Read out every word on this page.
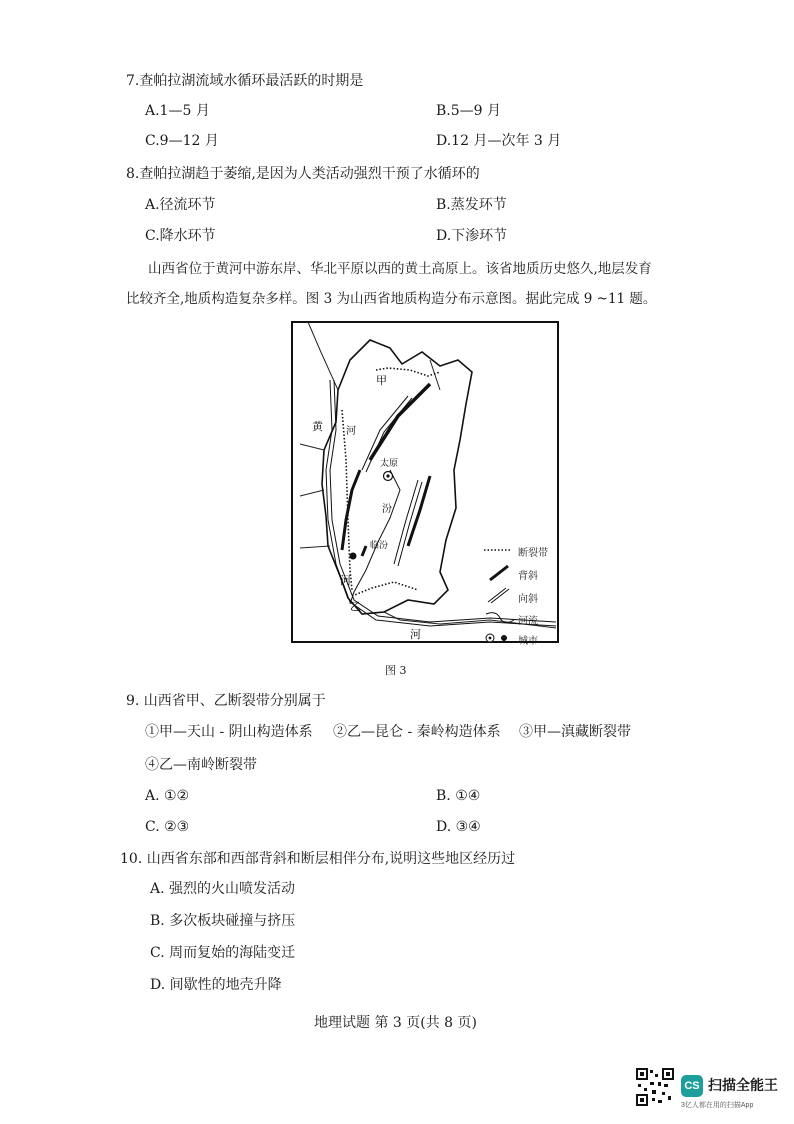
7.查帕拉湖流域水循环最活跃的时期是
A.1—5 月	B.5—9 月
C.9—12 月	D.12 月—次年 3 月
8.查帕拉湖趋于萎缩,是因为人类活动强烈干预了水循环的
A.径流环节	B.蒸发环节
C.降水环节	D.下渗环节
山西省位于黄河中游东岸、华北平原以西的黄土高原上。该省地质历史悠久,地层发育
比较齐全,地质构造复杂多样。图 3 为山西省地质构造分布示意图。据此完成 9 ~11 题。
甲
乙
太原
临汾
黄
河
河
汾
河
断裂带
背斜
向斜
河流
城市
图 3
9. 山西省甲、乙断裂带分别属于
①甲—天山 - 阴山构造体系 ②乙—昆仑 - 秦岭构造体系 ③甲—滇藏断裂带
④乙—南岭断裂带
A. ①②	B. ①④
C. ②③	D. ③④
10. 山西省东部和西部背斜和断层相伴分布,说明这些地区经历过
A. 强烈的火山喷发活动
B. 多次板块碰撞与挤压
C. 周而复始的海陆变迁
D. 间歇性的地壳升降
地理试题 第 3 页(共 8 页)
CS 扫描全能王
3亿人都在用的扫描App
